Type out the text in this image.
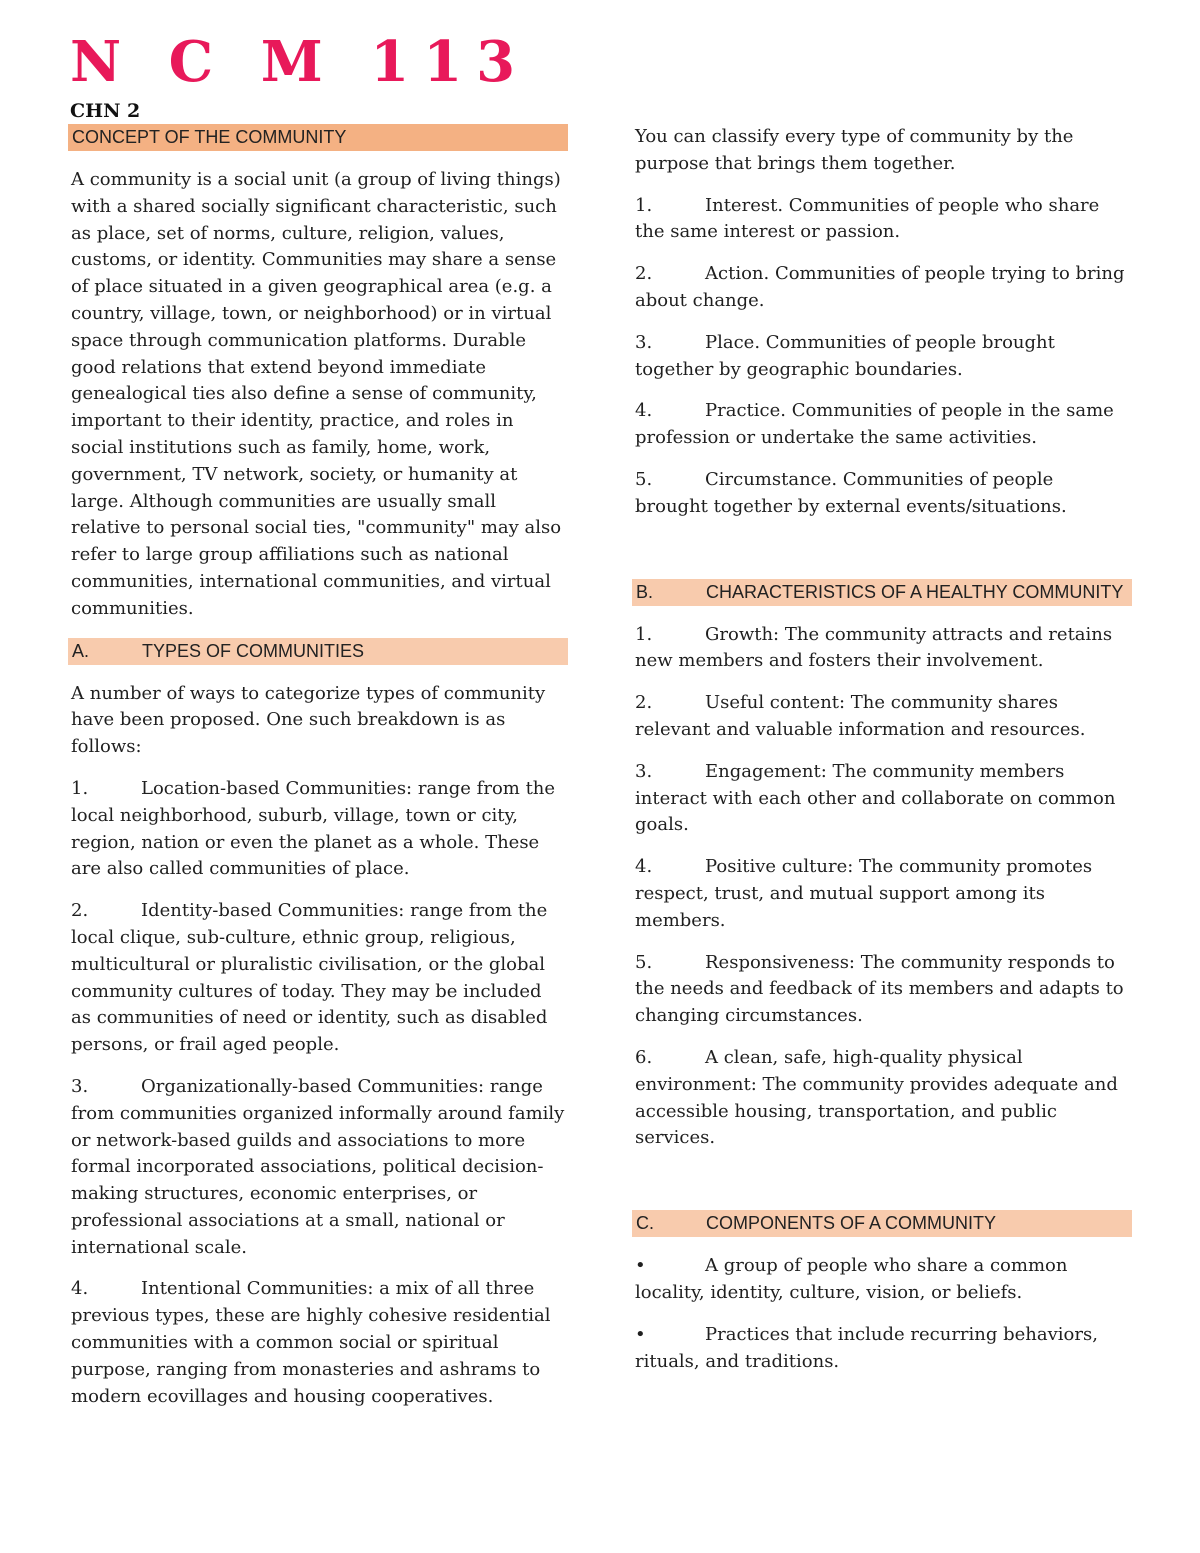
N C M 113
CHN 2
CONCEPT OF THE COMMUNITY

A community is a social unit (a group of living things) with a shared socially significant characteristic, such as place, set of norms, culture, religion, values, customs, or identity. Communities may share a sense of place situated in a given geographical area (e.g. a country, village, town, or neighborhood) or in virtual space through communication platforms. Durable good relations that extend beyond immediate genealogical ties also define a sense of community, important to their identity, practice, and roles in social institutions such as family, home, work, government, TV network, society, or humanity at large. Although communities are usually small relative to personal social ties, "community" may also refer to large group affiliations such as national communities, international communities, and virtual communities.

A.	TYPES OF COMMUNITIES

A number of ways to categorize types of community have been proposed. One such breakdown is as follows:

1.	Location-based Communities: range from the local neighborhood, suburb, village, town or city, region, nation or even the planet as a whole. These are also called communities of place.

2.	Identity-based Communities: range from the local clique, sub-culture, ethnic group, religious, multicultural or pluralistic civilisation, or the global community cultures of today. They may be included as communities of need or identity, such as disabled persons, or frail aged people.

3.	Organizationally-based Communities: range from communities organized informally around family or network-based guilds and associations to more formal incorporated associations, political decision-making structures, economic enterprises, or professional associations at a small, national or international scale.

4.	Intentional Communities: a mix of all three previous types, these are highly cohesive residential communities with a common social or spiritual purpose, ranging from monasteries and ashrams to modern ecovillages and housing cooperatives.

You can classify every type of community by the purpose that brings them together.

1.	Interest. Communities of people who share the same interest or passion.

2.	Action. Communities of people trying to bring about change.

3.	Place. Communities of people brought together by geographic boundaries.

4.	Practice. Communities of people in the same profession or undertake the same activities.

5.	Circumstance. Communities of people brought together by external events/situations.

B.	CHARACTERISTICS OF A HEALTHY COMMUNITY

1.	Growth: The community attracts and retains new members and fosters their involvement.

2.	Useful content: The community shares relevant and valuable information and resources.

3.	Engagement: The community members interact with each other and collaborate on common goals.

4.	Positive culture: The community promotes respect, trust, and mutual support among its members.

5.	Responsiveness: The community responds to the needs and feedback of its members and adapts to changing circumstances.

6.	A clean, safe, high-quality physical environment: The community provides adequate and accessible housing, transportation, and public services.

C.	COMPONENTS OF A COMMUNITY

•	A group of people who share a common locality, identity, culture, vision, or beliefs.

•	Practices that include recurring behaviors, rituals, and traditions.
